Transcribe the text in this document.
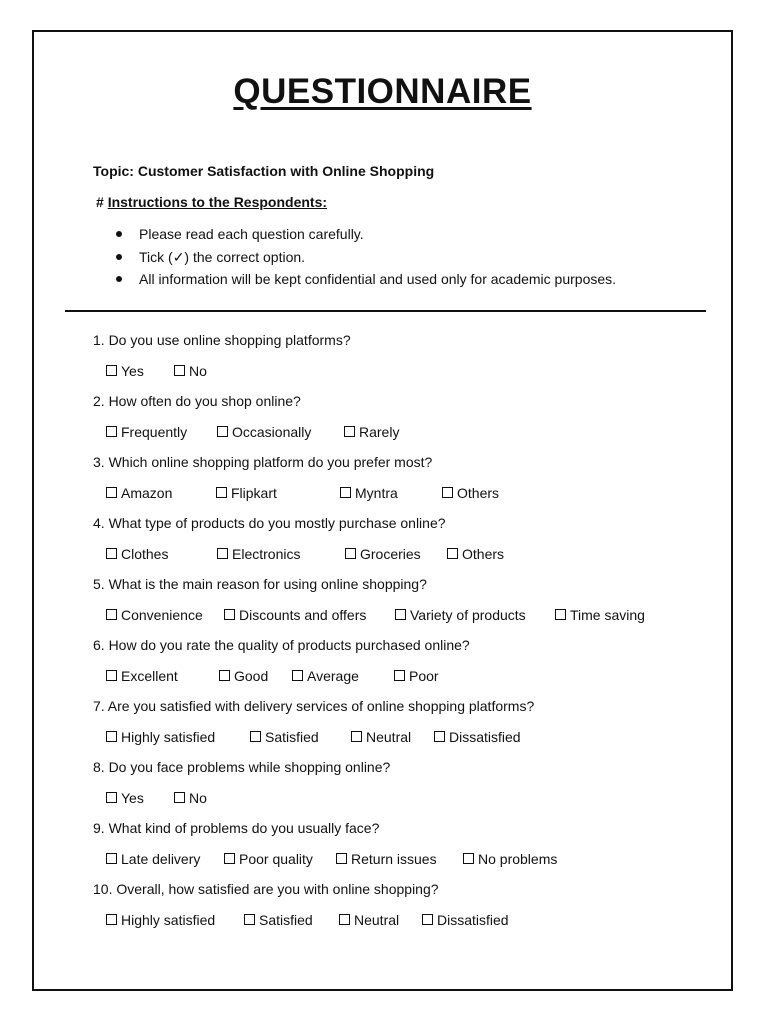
QUESTIONNAIRE
Topic: Customer Satisfaction with Online Shopping
# Instructions to the Respondents:
Please read each question carefully.
Tick (✓) the correct option.
All information will be kept confidential and used only for academic purposes.
1. Do you use online shopping platforms?
Yes	No
2. How often do you shop online?
Frequently	Occasionally	Rarely
3. Which online shopping platform do you prefer most?
Amazon	Flipkart	Myntra	Others
4. What type of products do you mostly purchase online?
Clothes	Electronics	Groceries	Others
5. What is the main reason for using online shopping?
Convenience	Discounts and offers	Variety of products	Time saving
6. How do you rate the quality of products purchased online?
Excellent	Good	Average	Poor
7. Are you satisfied with delivery services of online shopping platforms?
Highly satisfied	Satisfied	Neutral	Dissatisfied
8. Do you face problems while shopping online?
Yes	No
9. What kind of problems do you usually face?
Late delivery	Poor quality	Return issues	No problems
10. Overall, how satisfied are you with online shopping?
Highly satisfied	Satisfied	Neutral	Dissatisfied
